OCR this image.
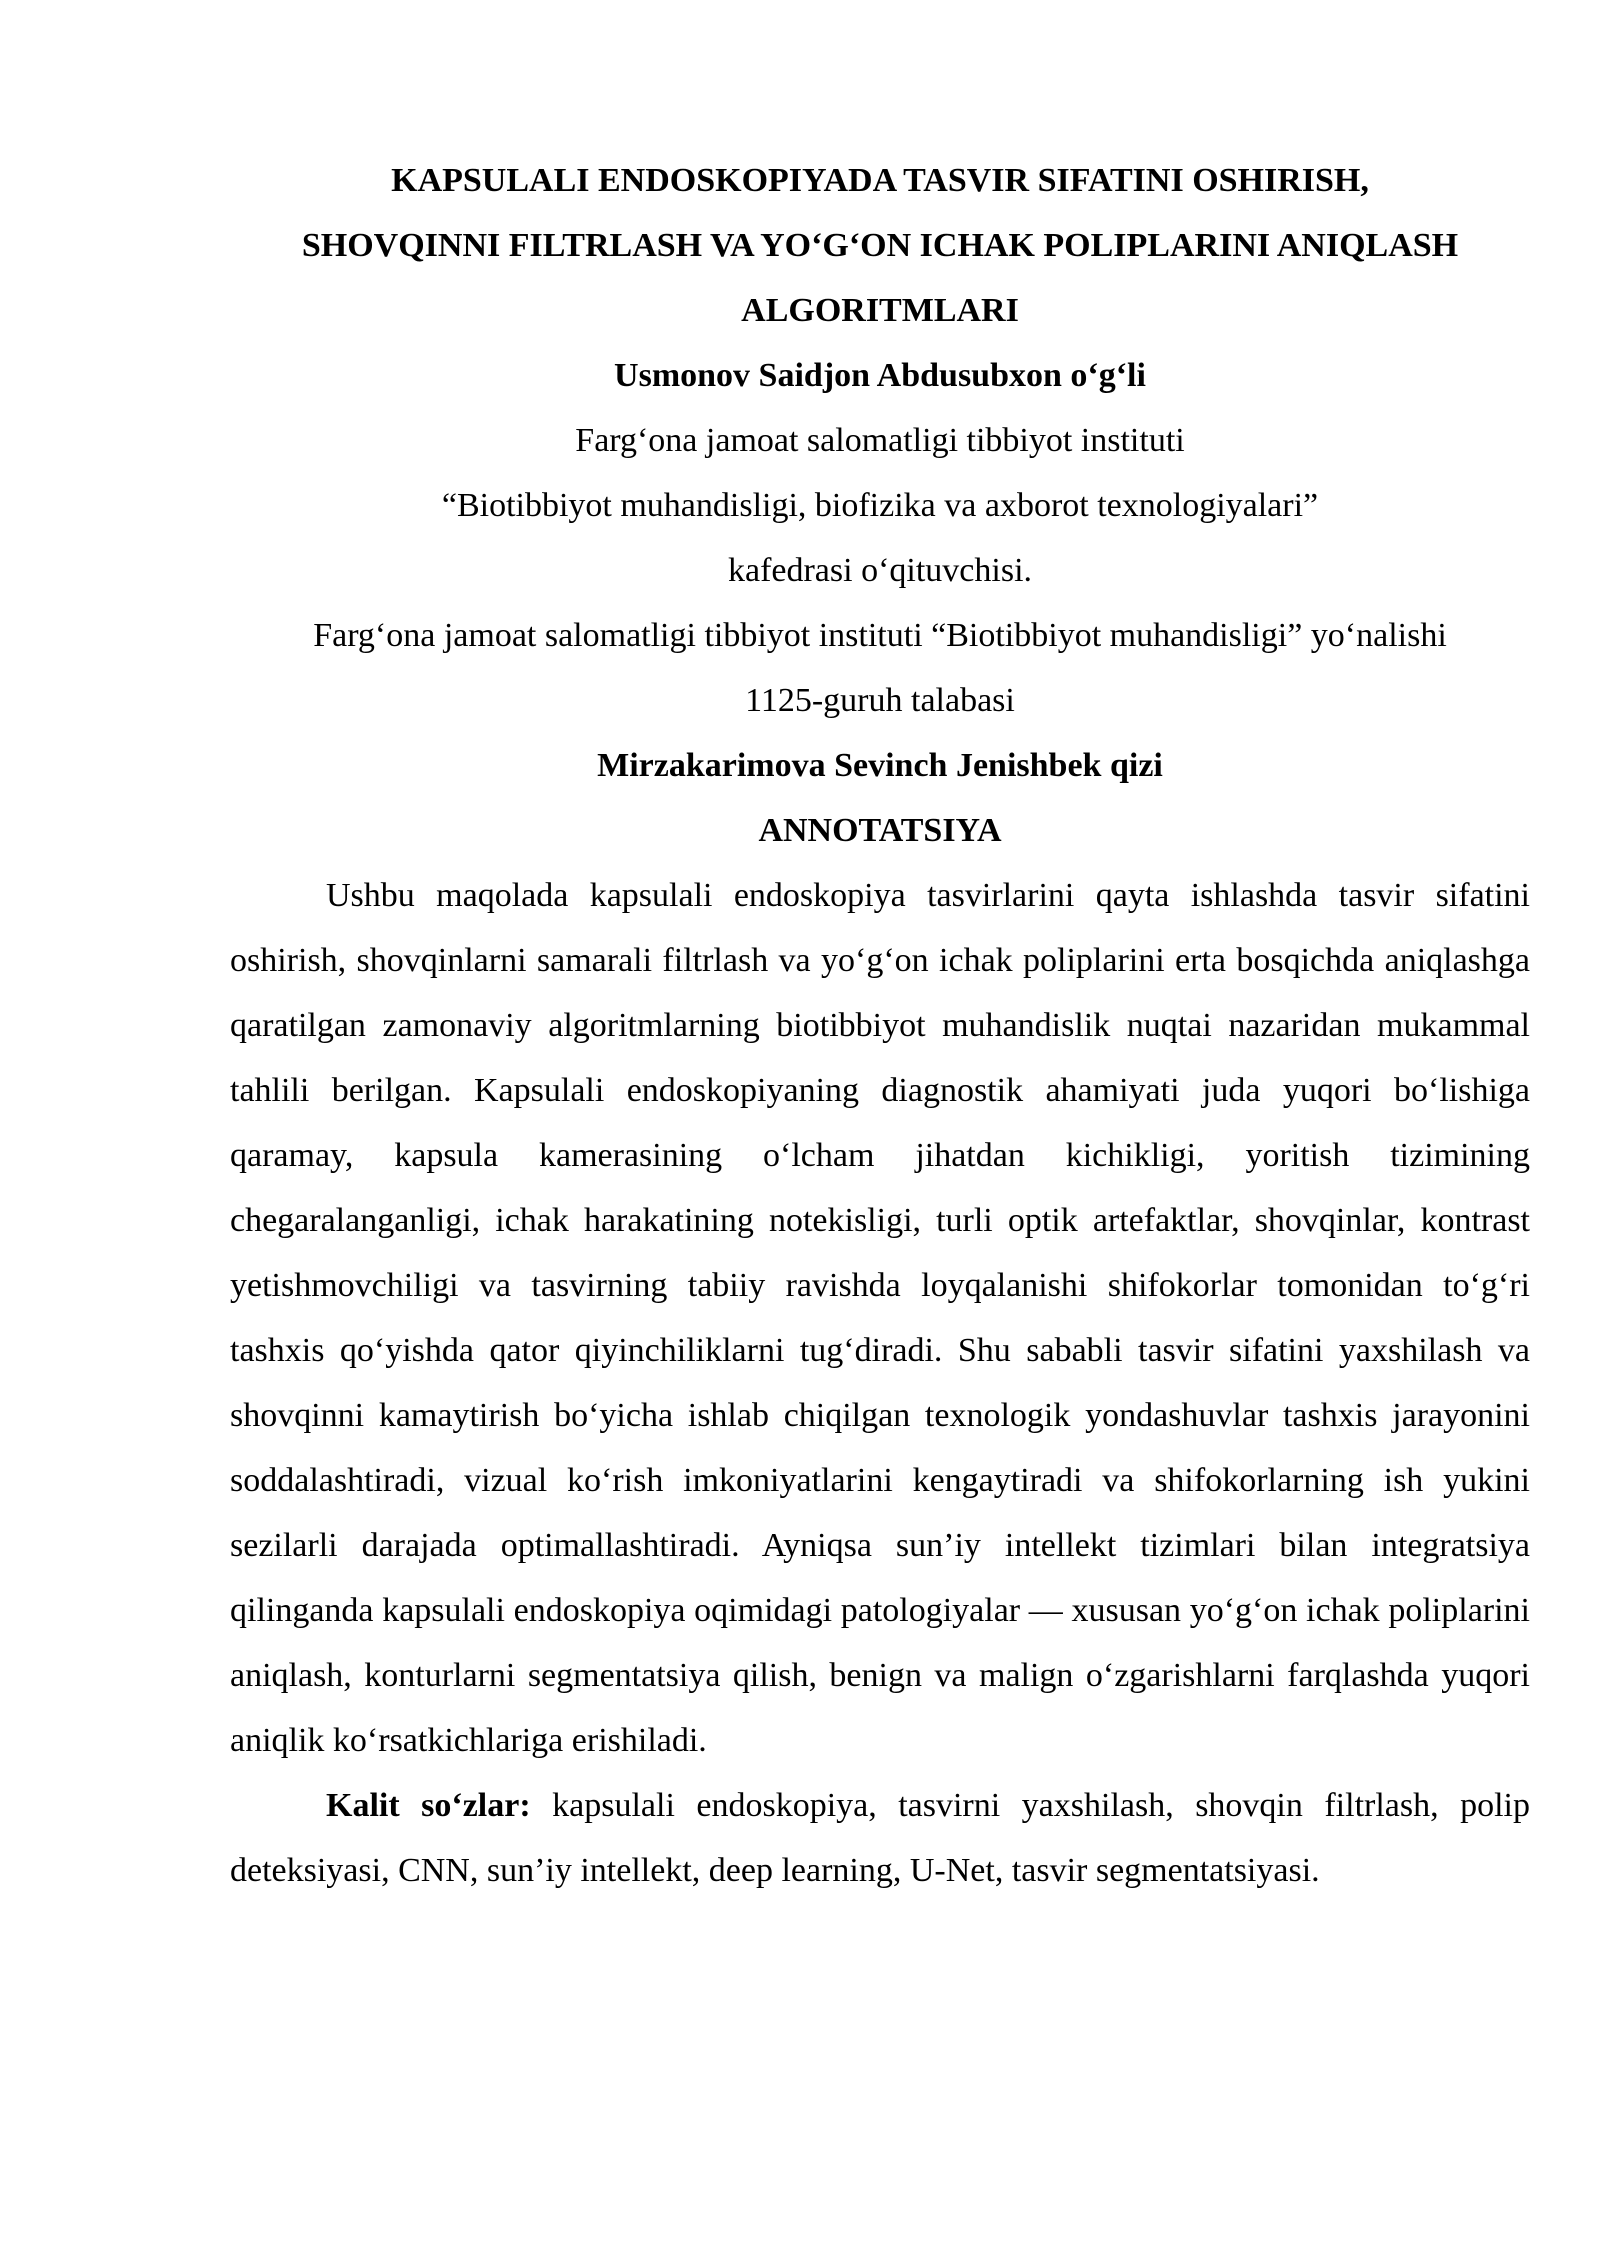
KAPSULALI ENDOSKOPIYADA TASVIR SIFATINI OSHIRISH,
SHOVQINNI FILTRLASH VA YO‘G‘ON ICHAK POLIPLARINI ANIQLASH
ALGORITMLARI

Usmonov Saidjon Abdusubxon o‘g‘li

Farg‘ona jamoat salomatligi tibbiyot instituti

“Biotibbiyot muhandisligi, biofizika va axborot texnologiyalari”

kafedrasi o‘qituvchisi.

Farg‘ona jamoat salomatligi tibbiyot instituti “Biotibbiyot muhandisligi” yo‘nalishi

1125-guruh talabasi

Mirzakarimova Sevinch Jenishbek qizi

ANNOTATSIYA

Ushbu maqolada kapsulali endoskopiya tasvirlarini qayta ishlashda tasvir sifatini oshirish, shovqinlarni samarali filtrlash va yo‘g‘on ichak poliplarini erta bosqichda aniqlashga qaratilgan zamonaviy algoritmlarning biotibbiyot muhandislik nuqtai nazaridan mukammal tahlili berilgan. Kapsulali endoskopiyaning diagnostik ahamiyati juda yuqori bo‘lishiga qaramay, kapsula kamerasining o‘lcham jihatdan kichikligi, yoritish tizimining chegaralanganligi, ichak harakatining notekisligi, turli optik artefaktlar, shovqinlar, kontrast yetishmovchiligi va tasvirning tabiiy ravishda loyqalanishi shifokorlar tomonidan to‘g‘ri tashxis qo‘yishda qator qiyinchiliklarni tug‘diradi. Shu sababli tasvir sifatini yaxshilash va shovqinni kamaytirish bo‘yicha ishlab chiqilgan texnologik yondashuvlar tashxis jarayonini soddalashtiradi, vizual ko‘rish imkoniyatlarini kengaytiradi va shifokorlarning ish yukini sezilarli darajada optimallashtiradi. Ayniqsa sun’iy intellekt tizimlari bilan integratsiya qilinganda kapsulali endoskopiya oqimidagi patologiyalar — xususan yo‘g‘on ichak poliplarini aniqlash, konturlarni segmentatsiya qilish, benign va malign o‘zgarishlarni farqlashda yuqori aniqlik ko‘rsatkichlariga erishiladi.

Kalit so‘zlar: kapsulali endoskopiya, tasvirni yaxshilash, shovqin filtrlash, polip deteksiyasi, CNN, sun’iy intellekt, deep learning, U-Net, tasvir segmentatsiyasi.
